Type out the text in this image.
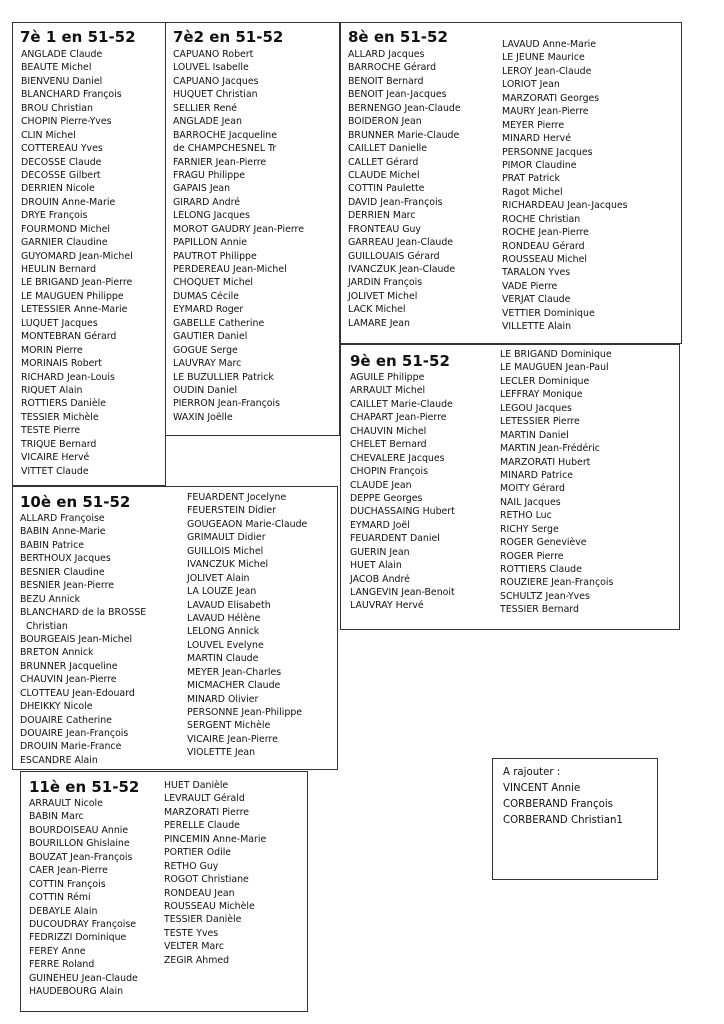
7è 1 en 51-52
ANGLADE Claude
BEAUTE Michel
BIENVENU Daniel
BLANCHARD François
BROU Christian
CHOPIN Pierre-Yves
CLIN Michel
COTTEREAU Yves
DECOSSE Claude
DECOSSE Gilbert
DERRIEN Nicole
DROUIN Anne-Marie
DRYE François
FOURMOND Michel
GARNIER Claudine
GUYOMARD Jean-Michel
HEULIN Bernard
LE BRIGAND Jean-Pierre
LE MAUGUEN Philippe
LETESSIER Anne-Marie
LUQUET Jacques
MONTEBRAN Gérard
MORIN Pierre
MORINAIS Robert
RICHARD Jean-Louis
RIQUET Alain
ROTTIERS Danièle
TESSIER Michèle
TESTE Pierre
TRIQUE Bernard
VICAIRE Hervé
VITTET Claude
7è2 en 51-52
CAPUANO Robert
LOUVEL Isabelle
CAPUANO Jacques
HUQUET Christian
SELLIER René
ANGLADE Jean
BARROCHE Jacqueline
de CHAMPCHESNEL Tr
FARNIER Jean-Pierre
FRAGU Philippe
GAPAIS Jean
GIRARD André
LELONG Jacques
MOROT GAUDRY Jean-Pierre
PAPILLON Annie
PAUTROT Philippe
PERDEREAU Jean-Michel
CHOQUET Michel
DUMAS Cécile
EYMARD Roger
GABELLE Catherine
GAUTIER Daniel
GOGUE Serge
LAUVRAY Marc
LE BUZULLIER Patrick
OUDIN Daniel
PIERRON Jean-François
WAXIN Joëlle
8è en 51-52
ALLARD Jacques
BARROCHE Gérard
BENOIT Bernard
BENOIT Jean-Jacques
BERNENGO Jean-Claude
BOIDERON Jean
BRUNNER Marie-Claude
CAILLET Danielle
CALLET Gérard
CLAUDE Michel
COTTIN Paulette
DAVID Jean-François
DERRIEN Marc
FRONTEAU Guy
GARREAU Jean-Claude
GUILLOUAIS Gérard
IVANCZUK Jean-Claude
JARDIN François
JOLIVET Michel
LACK Michel
LAMARE Jean
LAVAUD Anne-Marie
LE JEUNE Maurice
LEROY Jean-Claude
LORIOT Jean
MARZORATI Georges
MAURY Jean-Pierre
MEYER Pierre
MINARD Hervé
PERSONNE Jacques
PIMOR Claudine
PRAT Patrick
Ragot Michel
RICHARDEAU Jean-Jacques
ROCHE Christian
ROCHE Jean-Pierre
RONDEAU Gérard
ROUSSEAU Michel
TARALON Yves
VADE Pierre
VERJAT Claude
VETTIER Dominique
VILLETTE Alain
9è en 51-52
AGUILE Philippe
ARRAULT Michel
CAILLET Marie-Claude
CHAPART Jean-Pierre
CHAUVIN Michel
CHELET Bernard
CHEVALERE Jacques
CHOPIN François
CLAUDE Jean
DEPPE Georges
DUCHASSAING Hubert
EYMARD Joël
FEUARDENT Daniel
GUERIN Jean
HUET Alain
JACOB André
LANGEVIN Jean-Benoit
LAUVRAY Hervé
LE BRIGAND Dominique
LE MAUGUEN Jean-Paul
LECLER Dominique
LEFFRAY Monique
LEGOU Jacques
LETESSIER Pierre
MARTIN Daniel
MARTIN Jean-Frédéric
MARZORATI Hubert
MINARD Patrice
MOITY Gérard
NAIL Jacques
RETHO Luc
RICHY Serge
ROGER Geneviève
ROGER Pierre
ROTTIERS Claude
ROUZIERE Jean-François
SCHULTZ Jean-Yves
TESSIER Bernard
10è en 51-52
ALLARD Françoise
BABIN Anne-Marie
BABIN Patrice
BERTHOUX Jacques
BESNIER Claudine
BESNIER Jean-Pierre
BEZU Annick
BLANCHARD de la BROSSE
Christian
BOURGEAIS Jean-Michel
BRETON Annick
BRUNNER Jacqueline
CHAUVIN Jean-Pierre
CLOTTEAU Jean-Edouard
DHEIKKY Nicole
DOUAIRE Catherine
DOUAIRE Jean-François
DROUIN Marie-France
ESCANDRE Alain
FEUARDENT Jocelyne
FEUERSTEIN Didier
GOUGEAON Marie-Claude
GRIMAULT Didier
GUILLOIS Michel
IVANCZUK Michel
JOLIVET Alain
LA LOUZE Jean
LAVAUD Elisabeth
LAVAUD Hélène
LELONG Annick
LOUVEL Evelyne
MARTIN Claude
MEYER Jean-Charles
MICMACHER Claude
MINARD Olivier
PERSONNE Jean-Philippe
SERGENT Michèle
VICAIRE Jean-Pierre
VIOLETTE Jean
11è en 51-52
ARRAULT Nicole
BABIN Marc
BOURDOISEAU Annie
BOURILLON Ghislaine
BOUZAT Jean-François
CAER Jean-Pierre
COTTIN François
COTTIN Rémi
DEBAYLE Alain
DUCOUDRAY Françoise
FEDRIZZI Dominique
FEREY Anne
FERRE Roland
GUINEHEU Jean-Claude
HAUDEBOURG Alain
HUET Danièle
LEVRAULT Gérald
MARZORATI Pierre
PERELLE Claude
PINCEMIN Anne-Marie
PORTIER Odile
RETHO Guy
ROGOT Christiane
RONDEAU Jean
ROUSSEAU Michèle
TESSIER Danièle
TESTE Yves
VELTER Marc
ZEGIR Ahmed
A rajouter :
VINCENT Annie
CORBERAND François
CORBERAND Christian1
